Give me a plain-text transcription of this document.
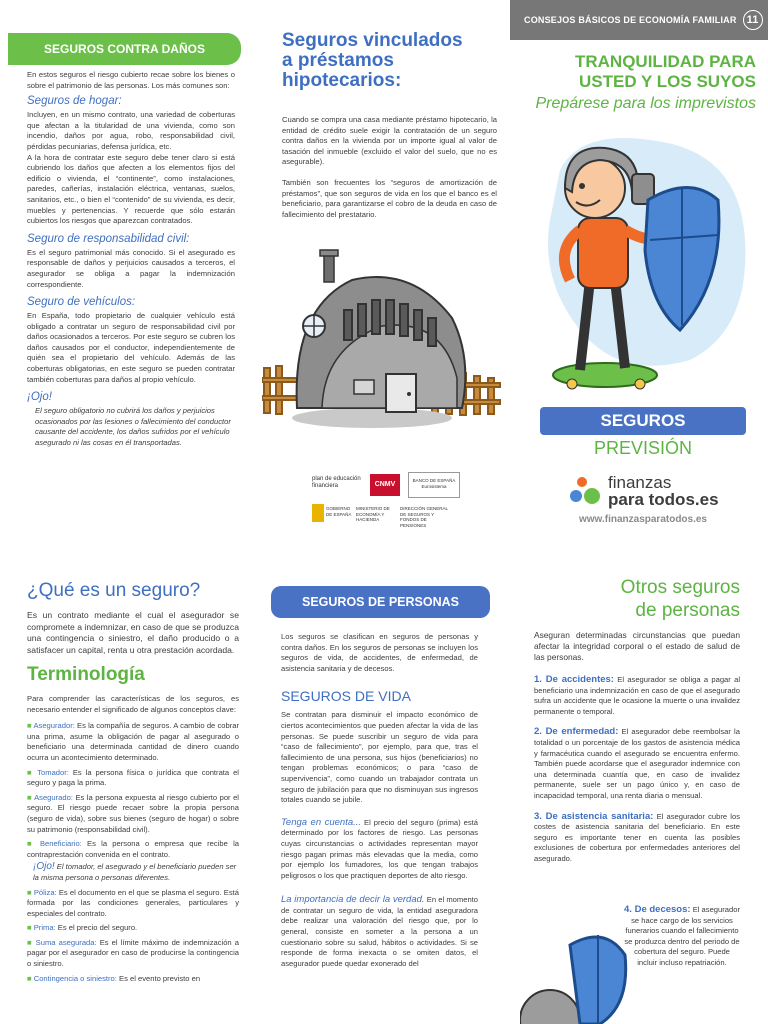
SEGUROS CONTRA DAÑOS

En estos seguros el riesgo cubierto recae sobre los bienes o sobre el patrimonio de las personas. Los más comunes son:

Seguros de hogar:

Incluyen, en un mismo contrato, una variedad de coberturas que afectan a la titularidad de una vivienda, como son incendio, daños por agua, robo, responsabilidad civil, pérdidas pecuniarias, defensa jurídica, etc.

A la hora de contratar este seguro debe tener claro si está cubriendo los daños que afecten a los elementos fijos del edificio o vivienda, el “continente”, como instalaciones, paredes, cañerías, instalación eléctrica, ventanas, suelos, sanitarios, etc., o bien el “contenido” de su vivienda, es decir, muebles y pertenencias. Y recuerde que sólo estarán cubiertos los riesgos que aparezcan contratados.

Seguro de responsabilidad civil:

Es el seguro patrimonial más conocido. Si el asegurado es responsable de daños y perjuicios causados a terceros, el asegurador se obliga a pagar la indemnización correspondiente.

Seguro de vehículos:

En España, todo propietario de cualquier vehículo está obligado a contratar un seguro de responsabilidad civil por daños ocasionados a terceros. Por este seguro se cubren los daños causados por el conductor, independientemente de quién sea el propietario del vehículo. Además de las coberturas obligatorias, en este seguro se pueden contratar también coberturas para daños al propio vehículo.

¡Ojo!

El seguro obligatorio no cubrirá los daños y perjuicios ocasionados por las lesiones o fallecimiento del conductor causante del accidente, los daños sufridos por el vehículo asegurado ni las cosas en él transportadas.

Seguros vinculados
a préstamos
hipotecarios:

Cuando se compra una casa mediante préstamo hipotecario, la entidad de crédito suele exigir la contratación de un seguro contra daños en la vivienda por un importe igual al valor de tasación del inmueble (excluido el valor del suelo, que no es asegurable).

También son frecuentes los “seguros de amortización de préstamos”, que son seguros de vida en los que el banco es el beneficiario, para garantizarse el cobro de la deuda en caso de fallecimiento del prestatario.

plan de educación financiera	CNMV
BANCO DE ESPAÑA
Eurosistema
GOBIERNO DE ESPAÑA
MINISTERIO DE ECONOMÍA Y HACIENDA
DIRECCIÓN GENERAL DE SEGUROS Y FONDOS DE PENSIONES
CONSEJOS BÁSICOS DE ECONOMÍA FAMILIAR 11
TRANQUILIDAD PARA
USTED Y LOS SUYOS
Prepárese para los imprevistos
SEGUROS
PREVISIÓN
finanzas
para todos.es
www.finanzasparatodos.es
¿Qué es un seguro?

Es un contrato mediante el cual el asegurador se compromete a indemnizar, en caso de que se produzca una contingencia o siniestro, el daño producido o a satisfacer un capital, renta u otra prestación acordada.

Terminología

Para comprender las características de los seguros, es necesario entender el significado de algunos conceptos clave:

■ Asegurador: Es la compañía de seguros. A cambio de cobrar una prima, asume la obligación de pagar al asegurado o beneficiario una determinada cantidad de dinero cuando ocurra un acontecimiento determinado.

■ Tomador: Es la persona física o jurídica que contrata el seguro y paga la prima.

■ Asegurado: Es la persona expuesta al riesgo cubierto por el seguro. El riesgo puede recaer sobre la propia persona (seguro de vida), sobre sus bienes (seguro de hogar) o sobre su patrimonio (responsabilidad civil).

■ Beneficiario: Es la persona o empresa que recibe la contraprestación convenida en el contrato.

¡Ojo! El tomador, el asegurado y el beneficiario pueden ser la misma persona o personas diferentes.

■ Póliza: Es el documento en el que se plasma el seguro. Está formada por las condiciones generales, particulares y especiales del contrato.

■ Prima: Es el precio del seguro.

■ Suma asegurada: Es el límite máximo de indemnización a pagar por el asegurador en caso de producirse la contingencia o siniestro.

■ Contingencia o siniestro: Es el evento previsto en

SEGUROS DE PERSONAS

Los seguros se clasifican en seguros de personas y contra daños. En los seguros de personas se incluyen los seguros de vida, de accidentes, de enfermedad, de asistencia sanitaria y de decesos.

SEGUROS DE VIDA

Se contratan para disminuir el impacto económico de ciertos acontecimientos que pueden afectar la vida de las personas. Se puede suscribir un seguro de vida para “caso de fallecimiento”, por ejemplo, para que, tras el fallecimiento de una persona, sus hijos (beneficiarios) no tengan problemas económicos; o para “caso de supervivencia”, como cuando un trabajador contrata un seguro de jubilación para que no disminuyan sus ingresos totales cuando se jubile.

Tenga en cuenta... El precio del seguro (prima) está determinado por los factores de riesgo. Las personas cuyas circunstancias o actividades representan mayor riesgo pagan primas más elevadas que la media, como por ejemplo los fumadores, los que tengan trabajos peligrosos o los que practiquen deportes de alto riesgo.

La importancia de decir la verdad. En el momento de contratar un seguro de vida, la entidad aseguradora debe realizar una valoración del riesgo que, por lo general, consiste en someter a la persona a un cuestionario sobre su salud, hábitos o actividades. Si se responde de forma inexacta o se omiten datos, el asegurador puede quedar exonerado del

Otros seguros
de personas

Aseguran determinadas circunstancias que puedan afectar la integridad corporal o el estado de salud de las personas.

1. De accidentes: El asegurador se obliga a pagar al beneficiario una indemnización en caso de que el asegurado sufra un accidente que le ocasione la muerte o una invalidez permanente o temporal.

2. De enfermedad: El asegurador debe reembolsar la totalidad o un porcentaje de los gastos de asistencia médica y farmacéutica cuando el asegurado se encuentra enfermo. También puede acordarse que el asegurador indemnice con una determinada cuantía que, en caso de invalidez permanente, suele ser un pago único y, en caso de incapacidad temporal, una renta diaria o mensual.

3. De asistencia sanitaria: El asegurador cubre los costes de asistencia sanitaria del beneficiario. En este seguro es importante tener en cuenta las posibles exclusiones de cobertura por enfermedades anteriores del asegurado.

4. De decesos: El asegurador se hace cargo de los servicios funerarios cuando el fallecimiento se produzca dentro del periodo de cobertura del seguro. Puede incluir incluso repatriación.
